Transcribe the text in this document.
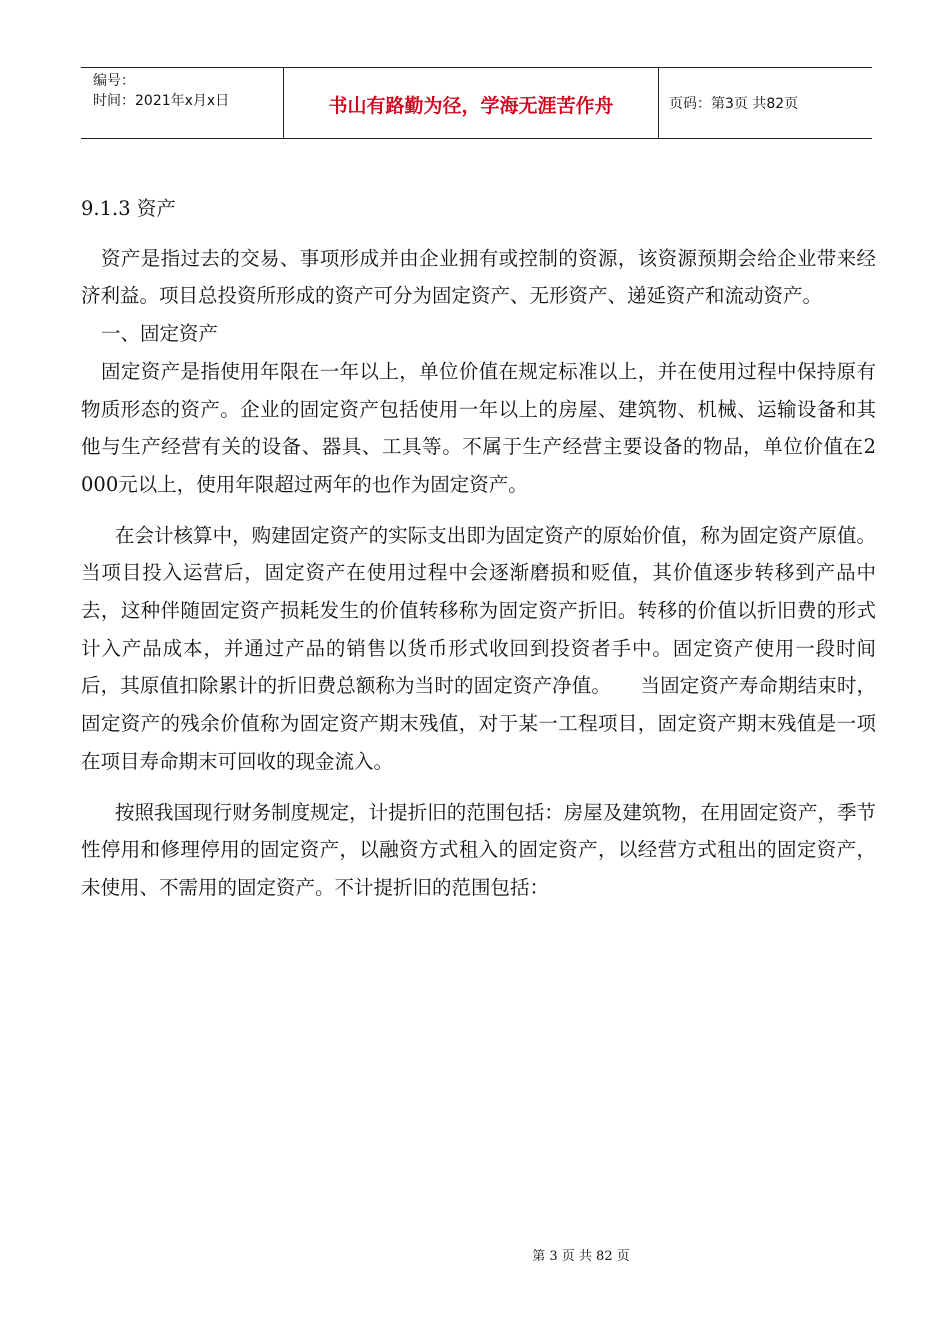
编号：
时间：2021年x月x日	书山有路勤为径，学海无涯苦作舟	页码：第3页 共82页

9.1.3 资产

资产是指过去的交易、事项形成并由企业拥有或控制的资源，该资源预期会给企业带来经济利益。项目总投资所形成的资产可分为固定资产、无形资产、递延资产和流动资产。

一、固定资产

固定资产是指使用年限在一年以上，单位价值在规定标准以上，并在使用过程中保持原有物质形态的资产。企业的固定资产包括使用一年以上的房屋、建筑物、机械、运输设备和其他与生产经营有关的设备、器具、工具等。不属于生产经营主要设备的物品，单位价值在2 000元以上，使用年限超过两年的也作为固定资产。

在会计核算中，购建固定资产的实际支出即为固定资产的原始价值，称为固定资产原值。当项目投入运营后，固定资产在使用过程中会逐渐磨损和贬值，其价值逐步转移到产品中去，这种伴随固定资产损耗发生的价值转移称为固定资产折旧。转移的价值以折旧费的形式计入产品成本，并通过产品的销售以货币形式收回到投资者手中。固定资产使用一段时间后，其原值扣除累计的折旧费总额称为当时的固定资产净值。　　当固定资产寿命期结束时，固定资产的残余价值称为固定资产期末残值，对于某一工程项目，固定资产期末残值是一项在项目寿命期末可回收的现金流入。

按照我国现行财务制度规定，计提折旧的范围包括：房屋及建筑物，在用固定资产，季节性停用和修理停用的固定资产，以融资方式租入的固定资产，以经营方式租出的固定资产，未使用、不需用的固定资产。不计提折旧的范围包括：

第 3 页 共 82 页
